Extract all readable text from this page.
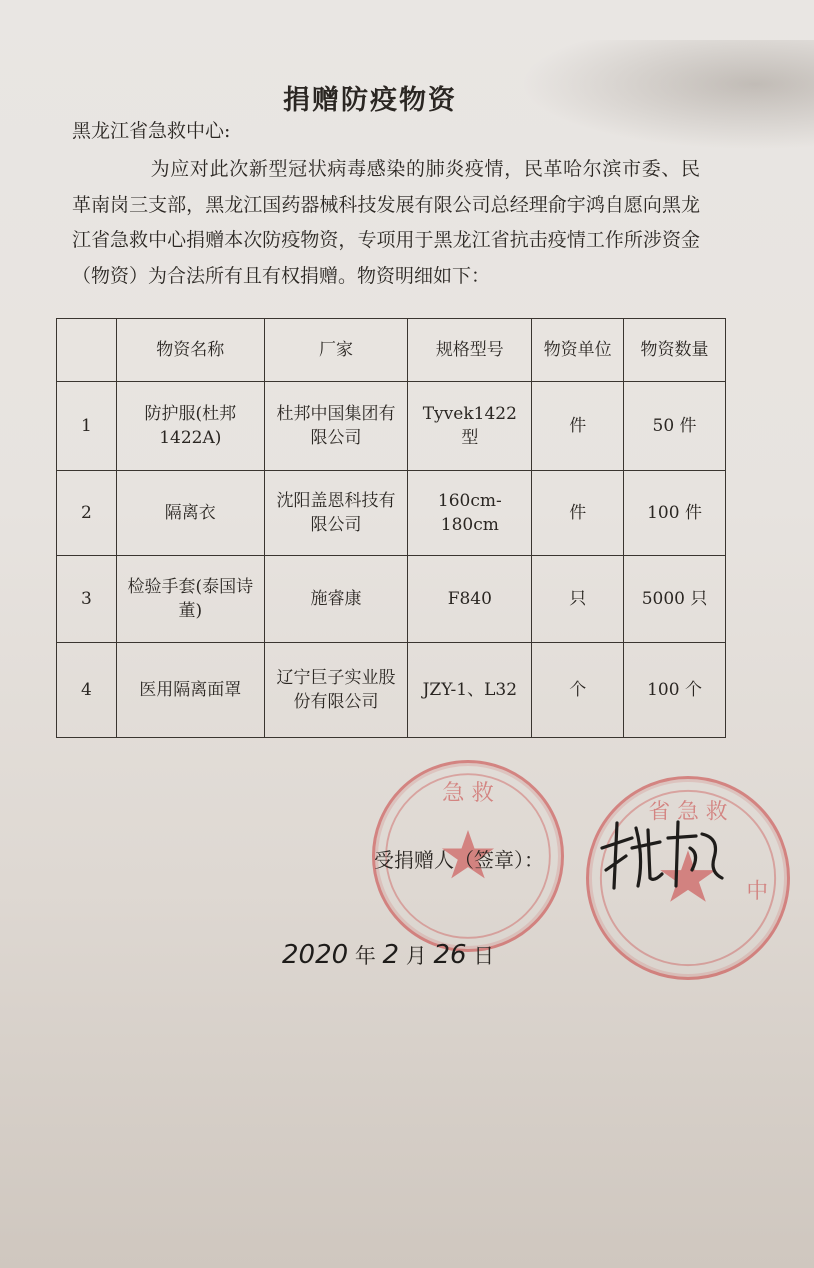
捐赠防疫物资
黑龙江省急救中心:
为应对此次新型冠状病毒感染的肺炎疫情，民革哈尔滨市委、民革南岗三支部，黑龙江国药器械科技发展有限公司总经理俞宇鸿自愿向黑龙江省急救中心捐赠本次防疫物资，专项用于黑龙江省抗击疫情工作所涉资金（物资）为合法所有且有权捐赠。物资明细如下：
	物资名称	厂家	规格型号	物资单位	物资数量
1	防护服(杜邦1422A)	杜邦中国集团有限公司	Tyvek1422 型	件	50 件
2	隔离衣	沈阳盖恩科技有限公司	160cm-180cm	件	100 件
3	检验手套(泰国诗董)	施睿康	F840	只	5000 只
4	医用隔离面罩	辽宁巨子实业股份有限公司	JZY-1、L32	个	100 个
急 救
省 急 救
中
受捐赠人（签章）：
2020 年 2 月 26 日
